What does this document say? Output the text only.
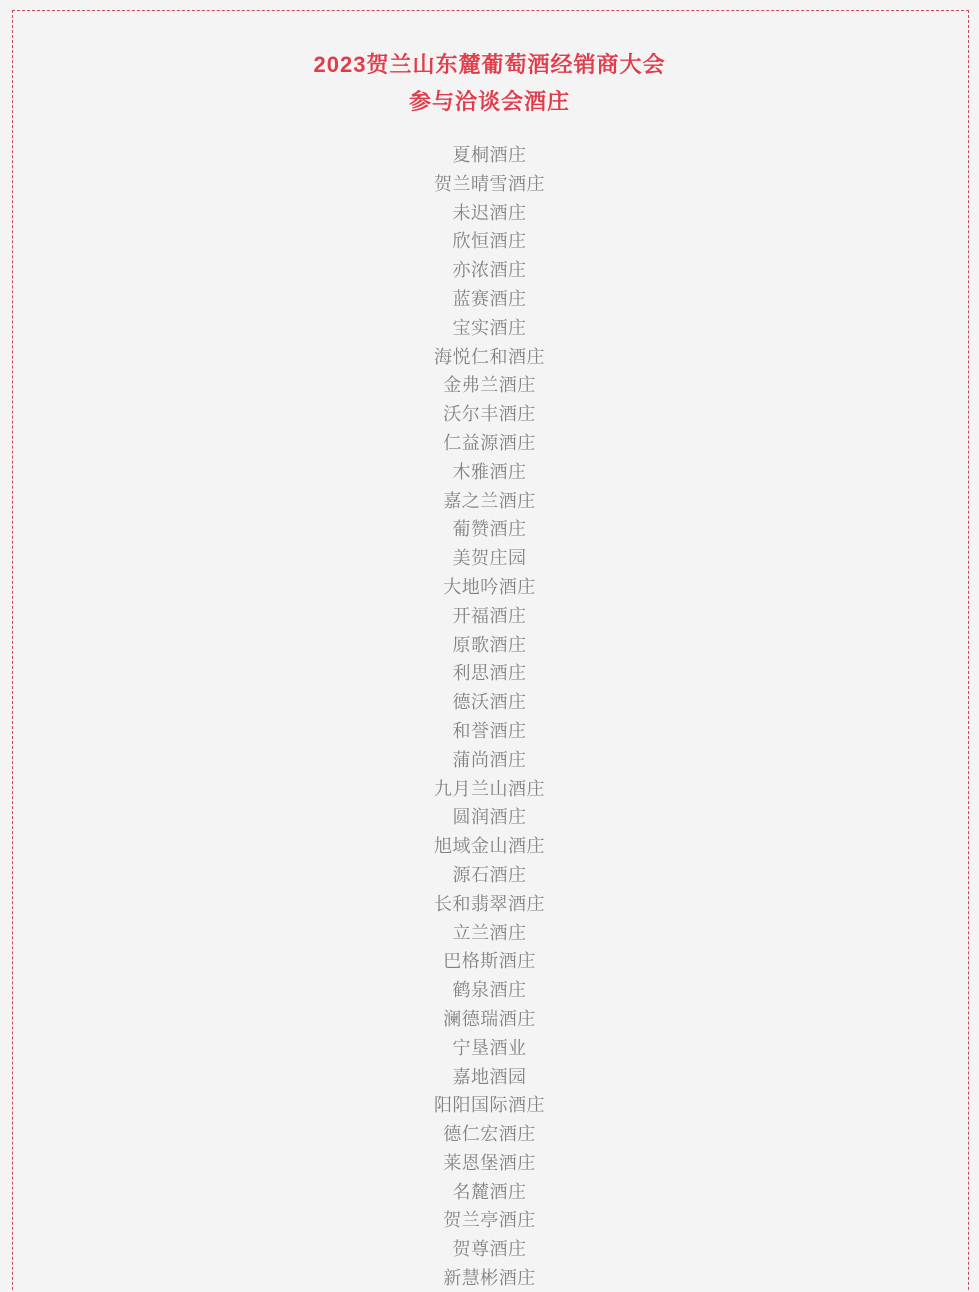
2023贺兰山东麓葡萄酒经销商大会
参与洽谈会酒庄
夏桐酒庄
贺兰晴雪酒庄
未迟酒庄
欣恒酒庄
亦浓酒庄
蓝赛酒庄
宝实酒庄
海悦仁和酒庄
金弗兰酒庄
沃尔丰酒庄
仁益源酒庄
木雅酒庄
嘉之兰酒庄
葡赞酒庄
美贺庄园
大地吟酒庄
开福酒庄
原歌酒庄
利思酒庄
德沃酒庄
和誉酒庄
蒲尚酒庄
九月兰山酒庄
圆润酒庄
旭域金山酒庄
源石酒庄
长和翡翠酒庄
立兰酒庄
巴格斯酒庄
鹤泉酒庄
澜德瑞酒庄
宁垦酒业
嘉地酒园
阳阳国际酒庄
德仁宏酒庄
莱恩堡酒庄
名麓酒庄
贺兰亭酒庄
贺尊酒庄
新慧彬酒庄
